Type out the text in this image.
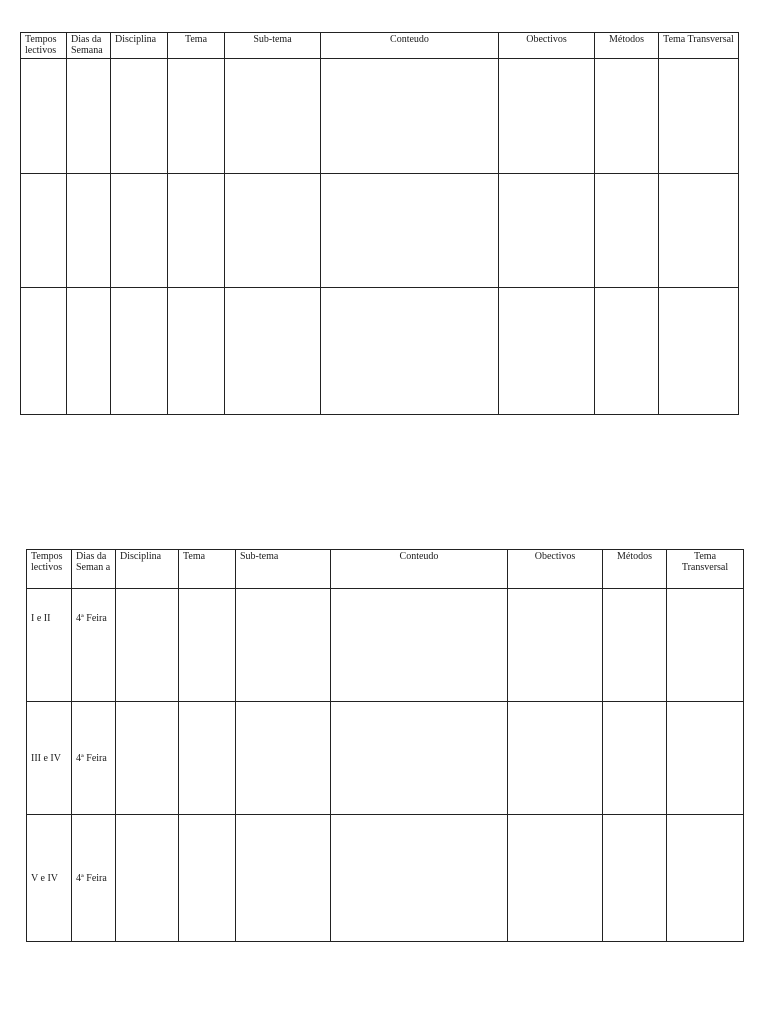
Tempos lectivos	Dias da Semana	Disciplina	Tema	Sub-tema	Conteudo	Obectivos	Métodos	Tema Transversal

Tempos lectivos	Dias da Seman a	Disciplina	Tema	Sub-tema	Conteudo	Obectivos	Métodos	Tema Transversal
I e II	4ª Feira							
III e IV	4ª Feira							
V e IV	4ª Feira							
